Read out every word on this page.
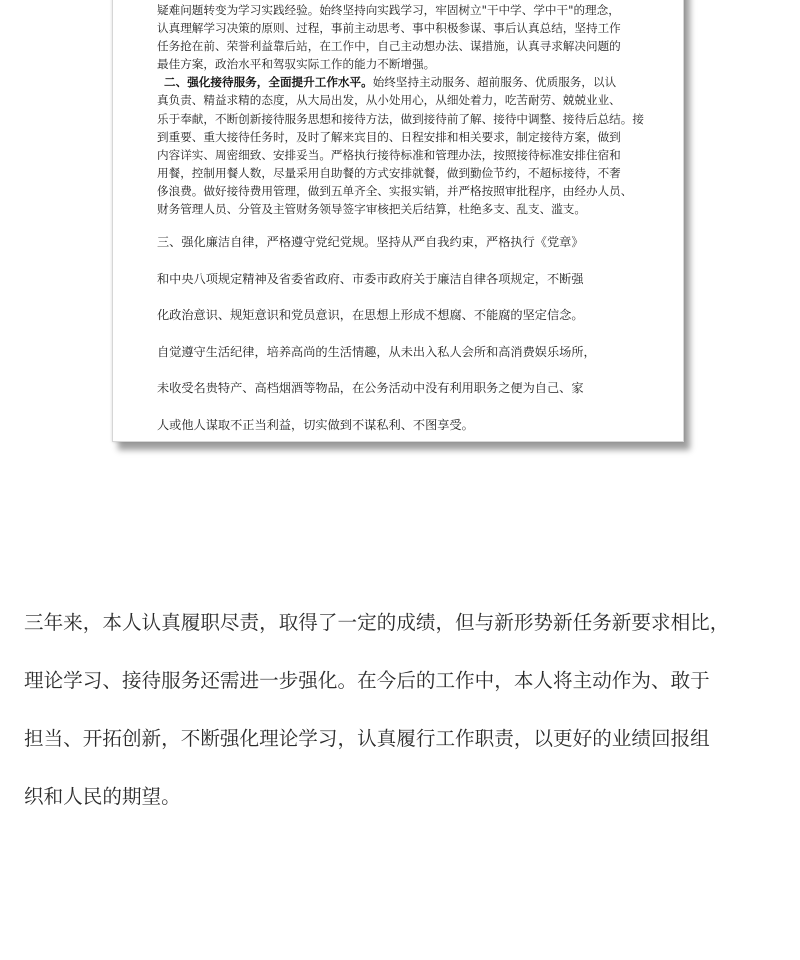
疑难问题转变为学习实践经验。始终坚持向实践学习，牢固树立"干中学、学中干"的理念，

认真理解学习决策的原则、过程，事前主动思考、事中积极参谋、事后认真总结，坚持工作

任务抢在前、荣誉利益靠后站，在工作中，自己主动想办法、谋措施，认真寻求解决问题的

最佳方案，政治水平和驾驭实际工作的能力不断增强。

二、强化接待服务，全面提升工作水平。始终坚持主动服务、超前服务、优质服务，以认

真负责、精益求精的态度，从大局出发，从小处用心，从细处着力，吃苦耐劳、兢兢业业、

乐于奉献，不断创新接待服务思想和接待方法，做到接待前了解、接待中调整、接待后总结。接

到重要、重大接待任务时，及时了解来宾目的、日程安排和相关要求，制定接待方案，做到

内容详实、周密细致、安排妥当。严格执行接待标准和管理办法，按照接待标准安排住宿和

用餐，控制用餐人数，尽量采用自助餐的方式安排就餐，做到勤俭节约，不超标接待，不奢

侈浪费。做好接待费用管理，做到五单齐全、实报实销，并严格按照审批程序，由经办人员、

财务管理人员、分管及主管财务领导签字审核把关后结算，杜绝多支、乱支、滥支。

三、强化廉洁自律，严格遵守党纪党规。坚持从严自我约束，严格执行《党章》

和中央八项规定精神及省委省政府、市委市政府关于廉洁自律各项规定，不断强

化政治意识、规矩意识和党员意识，在思想上形成不想腐、不能腐的坚定信念。

自觉遵守生活纪律，培养高尚的生活情趣，从未出入私人会所和高消费娱乐场所，

未收受名贵特产、高档烟酒等物品，在公务活动中没有利用职务之便为自己、家

人或他人谋取不正当利益，切实做到不谋私利、不图享受。

三年来，本人认真履职尽责，取得了一定的成绩，但与新形势新任务新要求相比，

理论学习、接待服务还需进一步强化。在今后的工作中，本人将主动作为、敢于

担当、开拓创新，不断强化理论学习，认真履行工作职责，以更好的业绩回报组

织和人民的期望。
